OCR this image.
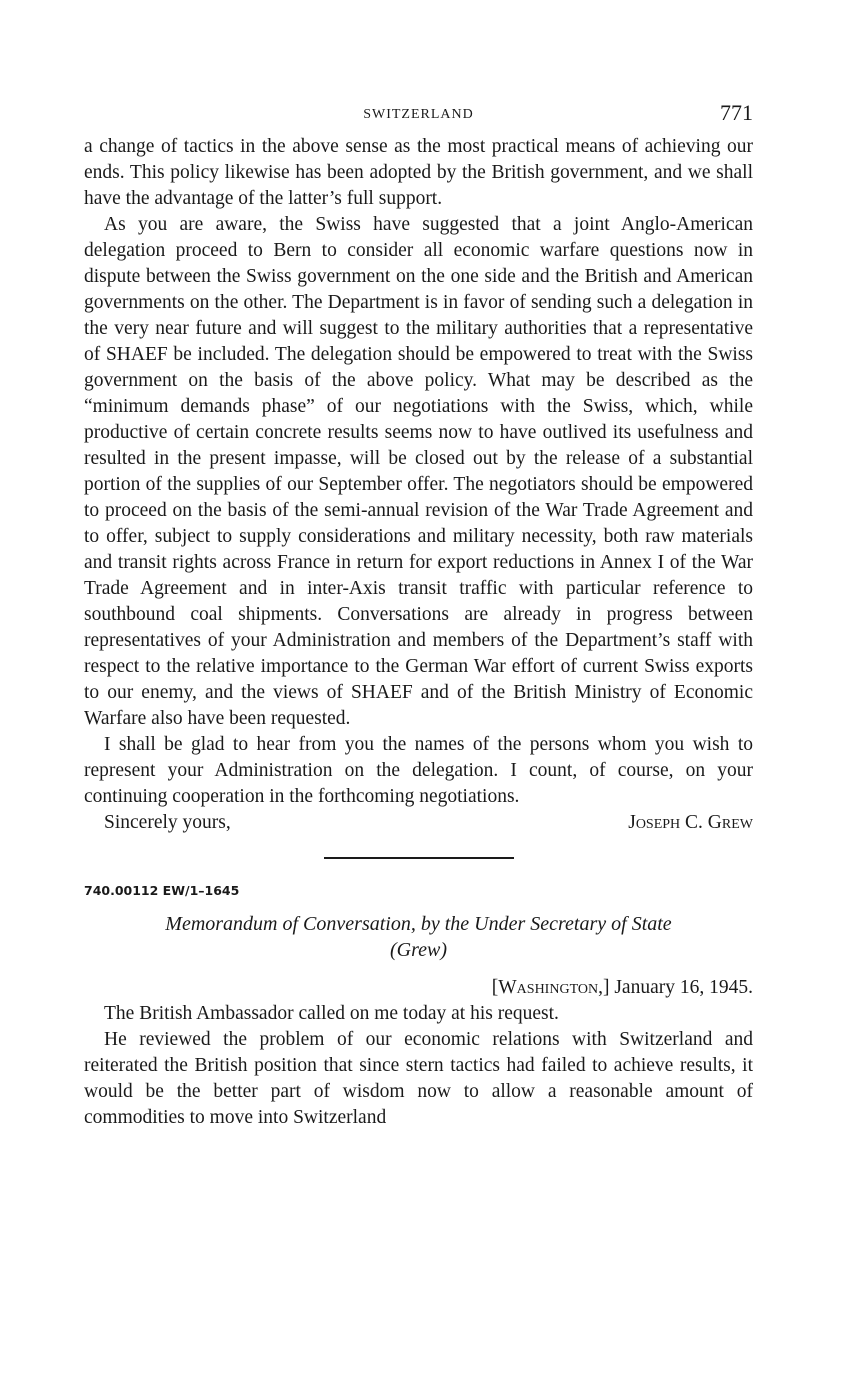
SWITZERLAND	771

a change of tactics in the above sense as the most practical means of achieving our ends. This policy likewise has been adopted by the British government, and we shall have the advantage of the latter’s full support.

As you are aware, the Swiss have suggested that a joint Anglo-American delegation proceed to Bern to consider all economic warfare questions now in dispute between the Swiss government on the one side and the British and American governments on the other. The Department is in favor of sending such a delegation in the very near future and will suggest to the military authorities that a representative of SHAEF be included. The delegation should be empowered to treat with the Swiss government on the basis of the above policy. What may be described as the “minimum demands phase” of our negotiations with the Swiss, which, while productive of certain concrete results seems now to have outlived its usefulness and resulted in the present impasse, will be closed out by the release of a substantial portion of the supplies of our September offer. The negotiators should be empowered to proceed on the basis of the semi-annual revision of the War Trade Agreement and to offer, subject to supply considerations and military necessity, both raw materials and transit rights across France in return for export reductions in Annex I of the War Trade Agreement and in inter-Axis transit traffic with particular reference to southbound coal shipments. Conversations are already in progress between representatives of your Administration and members of the Department’s staff with respect to the relative importance to the German War effort of current Swiss exports to our enemy, and the views of SHAEF and of the British Ministry of Economic Warfare also have been requested.

I shall be glad to hear from you the names of the persons whom you wish to represent your Administration on the delegation. I count, of course, on your continuing cooperation in the forthcoming negotiations.

Sincerely yours,	Joseph C. Grew
740.00112 EW/1–1645
Memorandum of Conversation, by the Under Secretary of State
(Grew)
[Washington,] January 16, 1945.

The British Ambassador called on me today at his request.

He reviewed the problem of our economic relations with Switzerland and reiterated the British position that since stern tactics had failed to achieve results, it would be the better part of wisdom now to allow a reasonable amount of commodities to move into Switzerland
